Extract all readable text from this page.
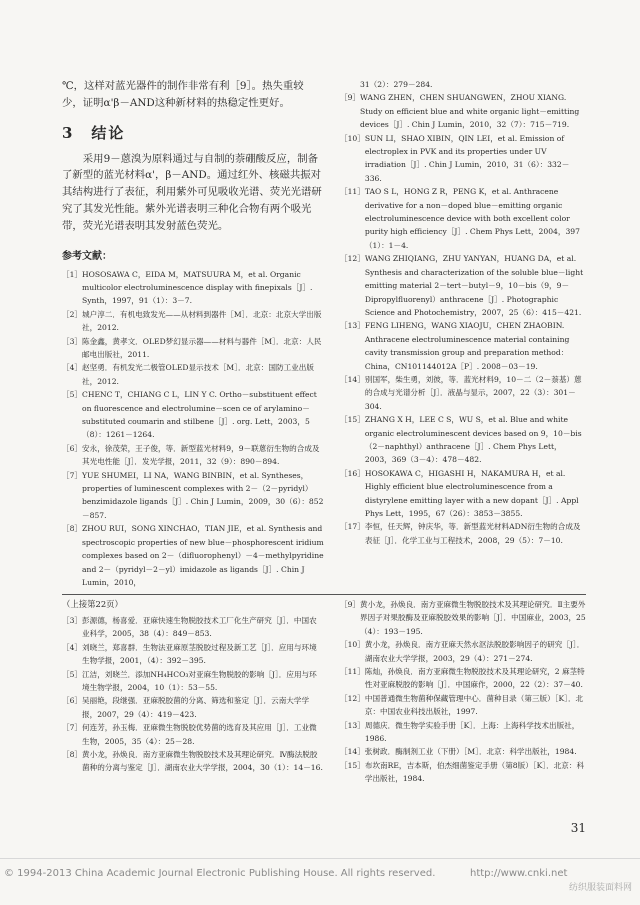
℃，这样对蓝光器件的制作非常有利［9］。热失重较少，证明α'β－AND这种新材料的热稳定性更好。

3　结论

采用9－蒽溴为原料通过与自制的萘硼酸反应，制备了新型的蓝光材料α'，β－AND。通过红外、核磁共振对其结构进行了表征，利用紫外可见吸收光谱、荧光光谱研究了其发光性能。紫外光谱表明三种化合物有两个吸光带，荧光光谱表明其发射蓝色荧光。

参考文献：
［1］ HOSOSAWA C，EIDA M，MATSUURA M，et al. Organic multicolor electroluminescence display with finepixals［J］. Synth，1997，91（1）：3－7.
［2］ 城户淳二．有机电致发光——从材料到器件［M］．北京：北京大学出版社，2012.
［3］ 陈金鑫，黄孝文．OLED梦幻显示器——材料与器件［M］．北京：人民邮电出版社，2011.
［4］ 赵坚勇．有机发光二极管OLED显示技术［M］．北京：国防工业出版社，2012.
［5］ CHENC T，CHIANG C L，LIN Y C. Ortho－substituent effect on fluorescence and electrolumine－scen ce of arylamino－substituted coumarin and stilbene［J］. org. Lett，2003，5（8）：1261－1264.
［6］ 安永，徐茂荣，王子俊，等．新型蓝光材料9，9－联蒽衍生物的合成及其光电性能［J］．发光学报，2011，32（9）：890－894.
［7］ YUE SHUMEI，LI NA，WANG BINBIN，et al. Syntheses，properties of luminescent complexes with 2－（2－pyridyl）benzimidazole ligands［J］. Chin J Lumin，2009，30（6）：852－857.
［8］ ZHOU RUI，SONG XINCHAO，TIAN JIE，et al. Synthesis and spectroscopic properties of new blue－phosphorescent iridium complexes based on 2－（difluorophenyl）－4－methylpyridine and 2－（pyridyl－2－yl）imidazole as ligands［J］. Chin J Lumin，2010，
31（2）：279－284.
［9］ WANG ZHEN，CHEN SHUANGWEN，ZHOU XIANG. Study on efficient blue and white organic light－emitting devices［J］. Chin J Lumin，2010，32（7）：715－719.
［10］ SUN LI，SHAO XIBIN，QIN LEI，et al. Emission of electroplex in PVK and its properties under UV irradiation［J］. Chin J Lumin，2010，31（6）：332－336.
［11］ TAO S L，HONG Z R，PENG K，et al. Anthracene derivative for a non－doped blue－emitting organic electroluminescence device with both excellent color purity high efficiency［J］. Chem Phys Lett，2004，397（1）：1－4.
［12］ WANG ZHIQIANG，ZHU YANYAN，HUANG DA，et al. Synthesis and characterization of the soluble blue－light emitting material 2－tert－butyl－9，10－bis（9，9－Dipropylfluorenyl）anthracene［J］. Photographic Science and Photochemistry，2007，25（6）：415－421.
［13］ FENG LIHENG，WANG XIAOJU，CHEN ZHAOBIN. Anthracene electroluminescence material containing cavity transmission group and preparation method：China，CN101144012A［P］. 2008－03－19.
［14］ 别国军，柴生勇，刘彼，等．蓝光材料9，10－二（2－萘基）蒽的合成与光谱分析［J］．液晶与显示，2007，22（3）：301－304.
［15］ ZHANG X H，LEE C S，WU S，et al. Blue and white organic electroluminescent devices based on 9，10－bis（2－naphthyl）anthracene［J］. Chem Phys Lett，2003，369（3－4）：478－482.
［16］ HOSOKAWA C，HIGASHI H，NAKAMURA H，et al. Highly efficient blue electroluminescence from a distyrylene emitting layer with a new dopant［J］. Appl Phys Lett，1995，67（26）：3853－3855.
［17］ 李恒，任天辉，钟庆华，等．新型蓝光材料ADN衍生物的合成及表征［J］．化学工业与工程技术，2008，29（5）：7－10.
（上接第22页）
［3］ 彭源德，杨喜爱．亚麻快速生物脱胶技术工厂化生产研究［J］．中国农业科学，2005，38（4）：849－853.
［4］ 刘晓兰，郑喜群．生物法亚麻原茎脱胶过程及新工艺［J］．应用与环境生物学报，2001，（4）：392－395.
［5］ 江洁，刘晓兰．添加NH₄HCO₃对亚麻生物脱胶的影响［J］．应用与环境生物学报，2004，10（1）：53－55.
［6］ 吴丽艳，段继强．亚麻脱胶菌的分离、筛选和鉴定［J］．云南大学学报，2007，29（4）：419－423.
［7］ 何连芳，孙玉梅．亚麻微生物脱胶优势菌的选育及其应用［J］．工业微生物，2005，35（4）：25－28.
［8］ 黄小龙，孙焕良．南方亚麻微生物脱胶技术及其理论研究．Ⅳ酶法脱胶菌种的分离与鉴定［J］．湖南农业大学学报，2004，30（1）：14－16.
［9］ 黄小龙，孙焕良．南方亚麻微生物脱胶技术及其理论研究．Ⅱ主要外界因子对果胶酶及亚麻脱胶效果的影响［J］．中国麻业，2003，25（4）：193－195.
［10］ 黄小龙，孙焕良．南方亚麻天然水沤法脱胶影响因子的研究［J］．湖南农业大学学报，2003，29（4）：271－274.
［11］ 陈灿，孙焕良．南方亚麻微生物脱胶技术及其理论研究，2 麻茎特性对亚麻脱胶的影响［J］．中国麻作，2000，22（2）：37－40.
［12］ 中国普通微生物菌种保藏管理中心．菌种目录（第三版）［K］．北京：中国农业科技出版社，1997.
［13］ 周德庆．微生物学实验手册［K］．上海：上海科学技术出版社，1986.
［14］ 张树政．酶制剂工业（下册）［M］．北京：科学出版社，1984.
［15］ 布坎南RE，吉本斯，伯杰细菌鉴定手册（第8版）［K］．北京：科学出版社，1984.
31
© 1994-2013 China Academic Journal Electronic Publishing House. All rights reserved.	http://www.cnki.net
纺织服装面料网
